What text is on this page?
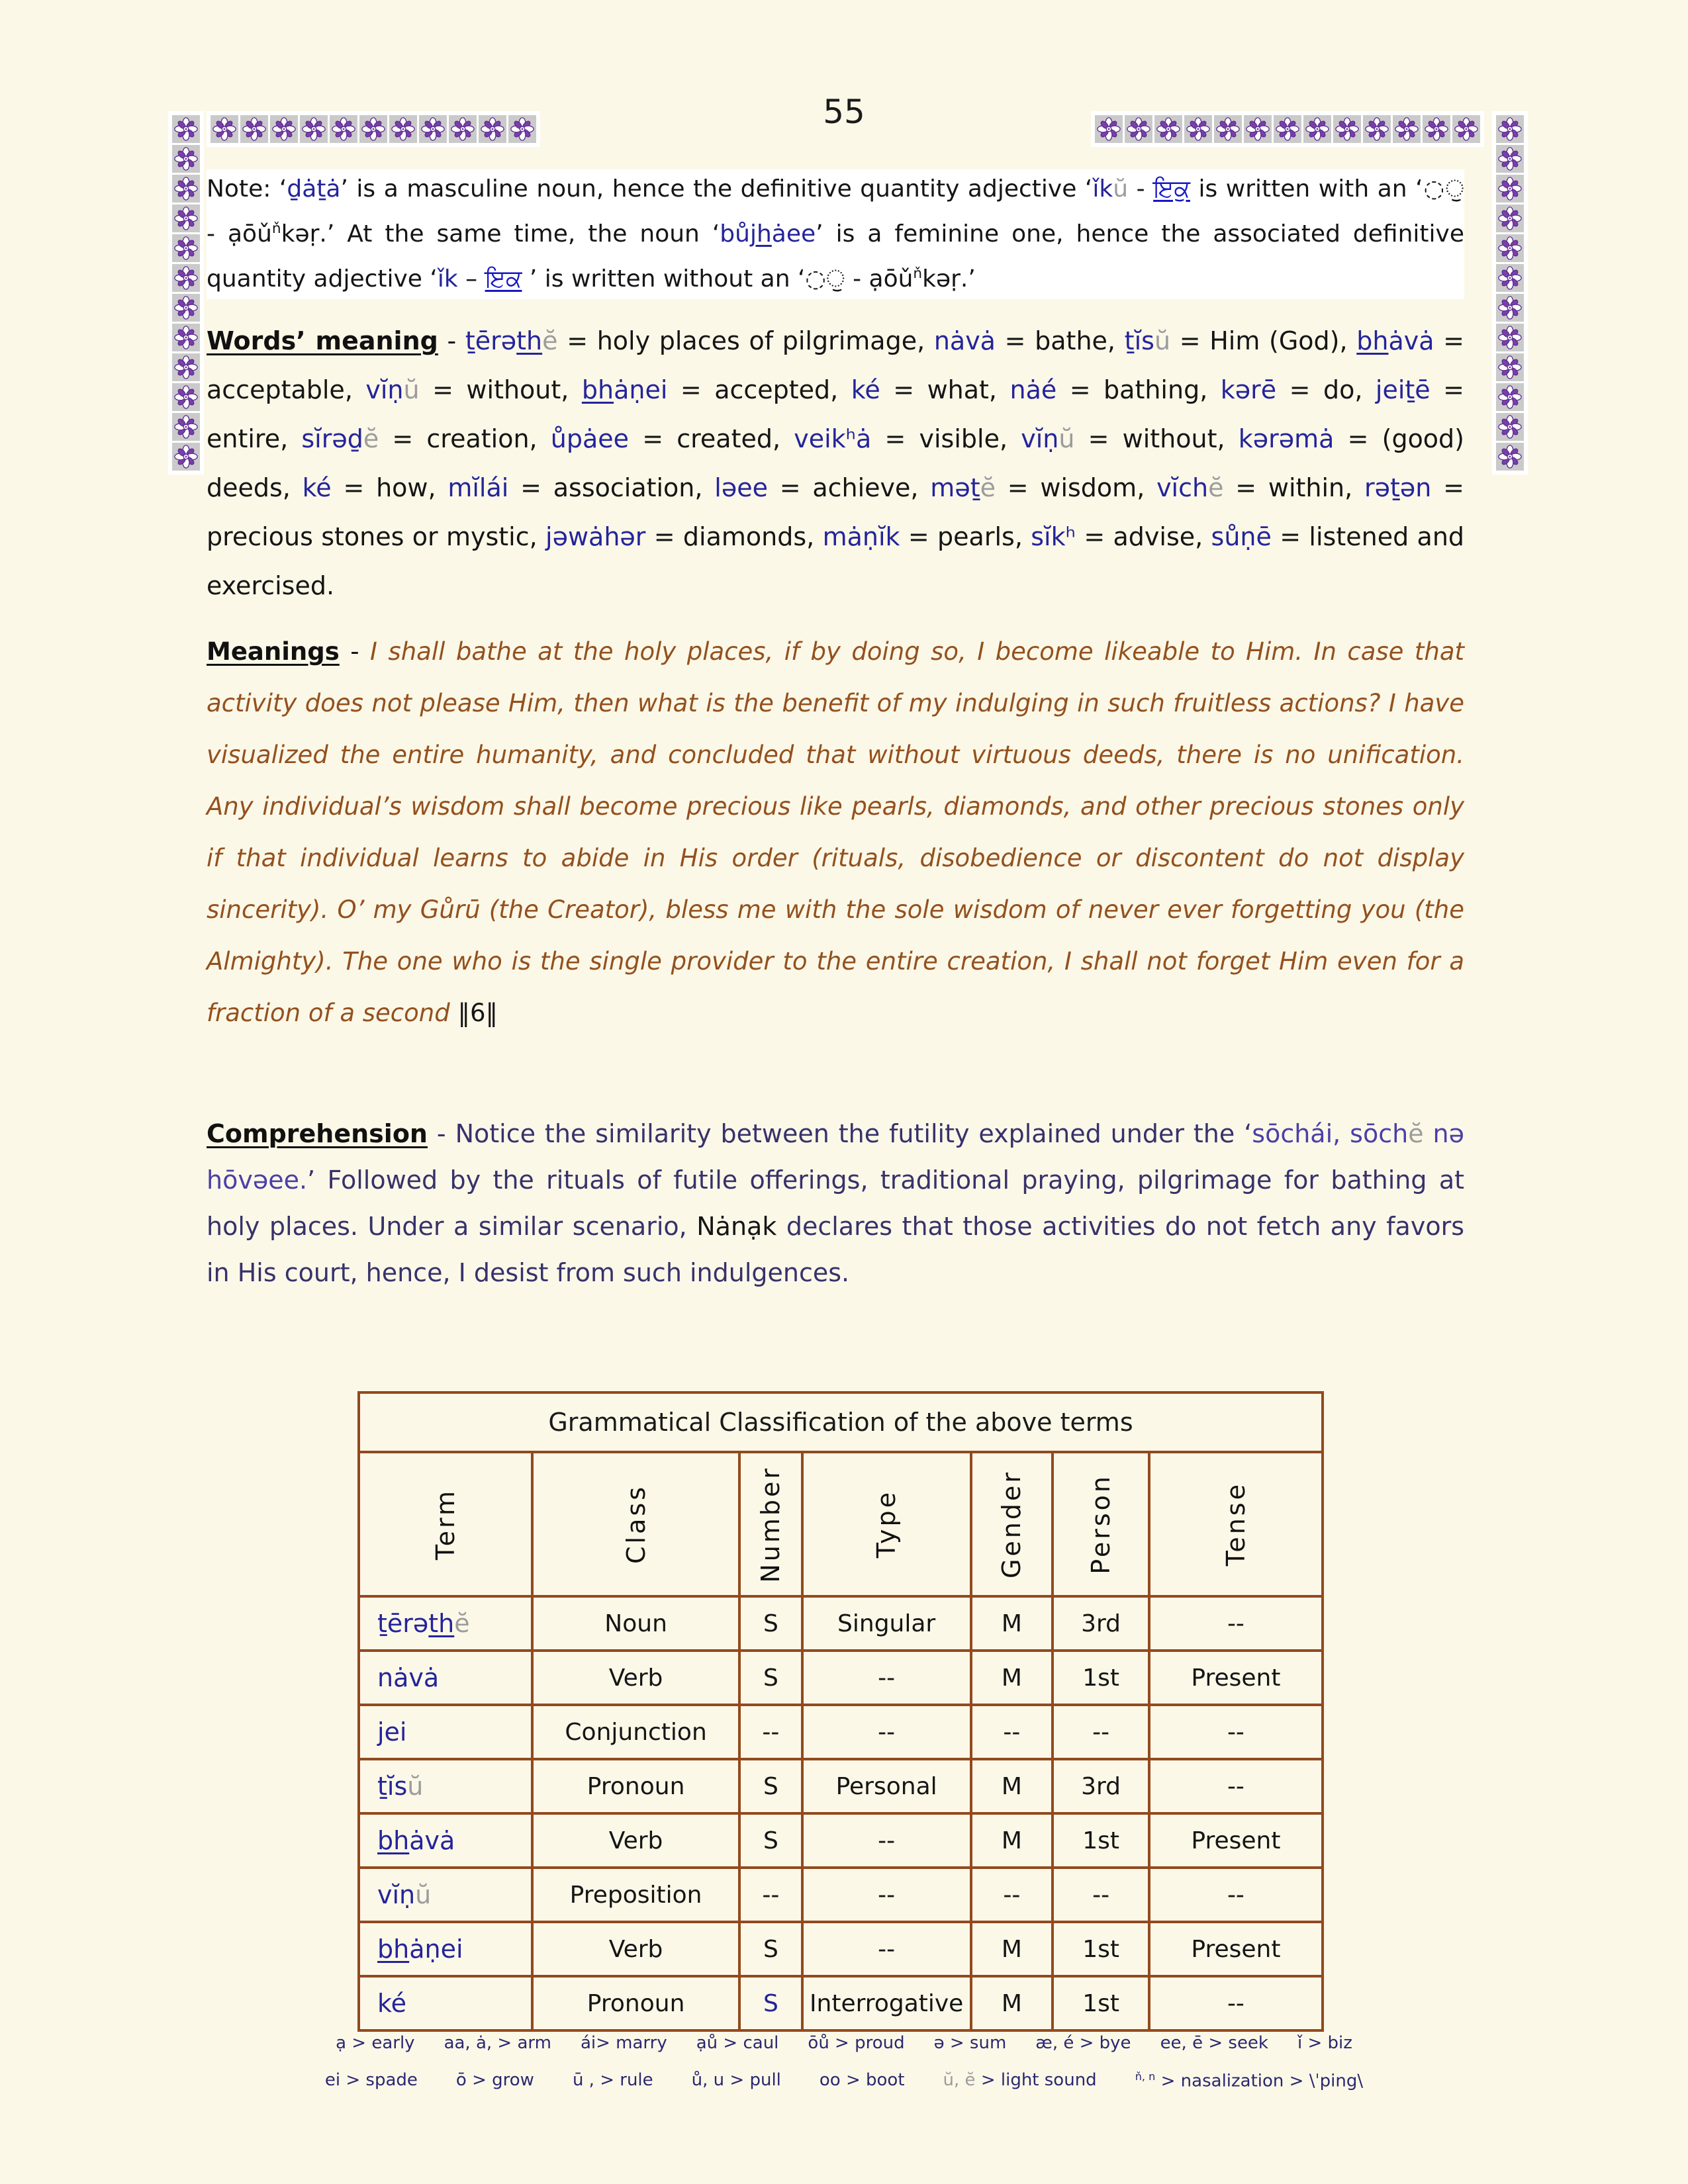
55
Note: ‘ḏȧṯȧ’ is a masculine noun, hence the definitive quantity adjective ‘ǐkŭ - ਇਕੁ is written with an ‘◌ੁ - ạōǔ$^ň$kəṛ.’ At the same time, the noun ‘bůjhȧee’ is a feminine one, hence the associated definitive quantity adjective ‘ǐk – ਇਕ ’ is written without an ‘◌ੁ - ạōǔ$^ň$kəṛ.’
Words’ meaning - ṯērəthĕ = holy places of pilgrimage, nȧvȧ = bathe, ṯĭsŭ = Him (God), bhȧvȧ = acceptable, vĭṇŭ = without, bhȧṇei = accepted, ké = what, nȧé = bathing, kərē = do, jeiṯē = entire, sĭrəḏĕ = creation, ůpȧee = created, veikʰȧ = visible, vĭṇŭ = without, kərəmȧ = (good) deeds, ké = how, mĭlái = association, ləee = achieve, məṯĕ = wisdom, vĭchĕ = within, rəṯən = precious stones or mystic, jəwȧhər = diamonds, mȧṇĭk = pearls, sĭkʰ = advise, sůṇē = listened and exercised.
Meanings - I shall bathe at the holy places, if by doing so, I become likeable to Him. In case that activity does not please Him, then what is the benefit of my indulging in such fruitless actions? I have visualized the entire humanity, and concluded that without virtuous deeds, there is no unification. Any individual’s wisdom shall become precious like pearls, diamonds, and other precious stones only if that individual learns to abide in His order (rituals, disobedience or discontent do not display sincerity). O’ my Gůrū (the Creator), bless me with the sole wisdom of never ever forgetting you (the Almighty). The one who is the single provider to the entire creation, I shall not forget Him even for a fraction of a second ‖6‖
Comprehension - Notice the similarity between the futility explained under the ‘sōchái, sōchĕ nə hōvəee.’ Followed by the rituals of futile offerings, traditional praying, pilgrimage for bathing at holy places. Under a similar scenario, Nȧnạk declares that those activities do not fetch any favors in His court, hence, I desist from such indulgences.
Grammatical Classification of the above terms						

Term	Class	Number	Type	Gender	Person	Tense

ṯērəthĕ	Noun	S	Singular	M	3rd	--
nȧvȧ	Verb	S	--	M	1st	Present
jei	Conjunction	--	--	--	--	--
ṯĭsŭ	Pronoun	S	Personal	M	3rd	--
bhȧvȧ	Verb	S	--	M	1st	Present
vĭṇŭ	Preposition	--	--	--	--	--
bhȧṇei	Verb	S	--	M	1st	Present
ké	Pronoun	S	Interrogative	M	1st	--
ạ > early aa, ȧ, > arm ái> marry ạů > caul ōů > proud ə > sum æ, é > bye ee, ē > seek ǐ > biz
ei > spade ō > grow ū , > rule ů, u > pull oo > boot ŭ, ĕ > light sound	$^{ň, n}$ > nasalization > \ˈping\
